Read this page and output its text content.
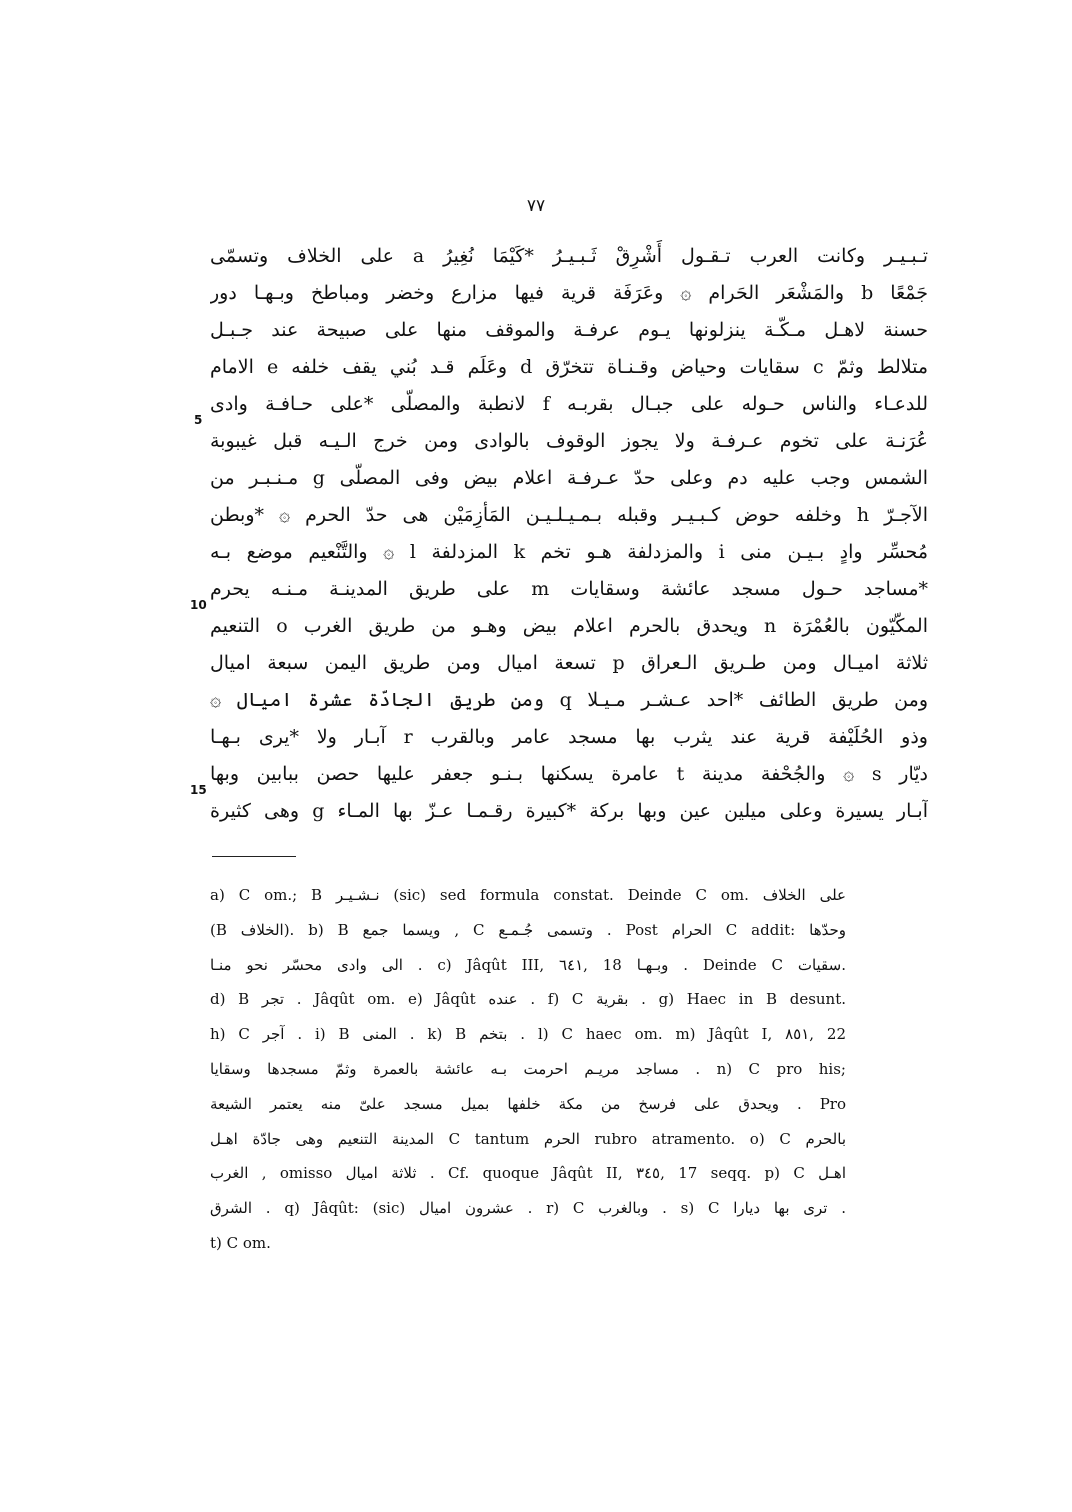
٧٧
تـبـيـر وكانت العرب تـقـول أَشْرِقْ ثَـبـيـرُ *كَيْمَا نُغِيرُ a على الخلاف وتسمّى
جَمْعًا b والمَشْعَر الحَرام ۞ وعَرَفَة قرية فيها مزارع وخضر ومباطخ وبـهـا دور
حسنة لاهـل مـكّـة ينزلونها يـوم عرفـة والموقف منها على صبيحة عند جـبـل
متلالط وثمّ c سقايات وحياض وقـنـاة تتخرّق d وعَلَم قـد بُني يقف خلفه e الامام
للدعـاء والناس حـوله على جبـال بقربـه f لانطبة والمصلّى *على حـافـة وادى
عُرَنـة على تخوم عـرفـة ولا يجوز الوقوف بالوادى ومن خرج الـيـه قبل غيبوبة
الشمس وجب عليه دم وعلى حدّ عـرفـة اعلام بيض وفى المصلّى g مـنـبـر من
الآجـرّ h وخلفه حوض كـبـيـر وقبله بـمـيـلـيـن المَأزِمَيْن هى حدّ الحرم ۞ *وبطن
مُحسِّر وادٍ بـيـن منى i والمزدلفة هـو تخم k المزدلفة l ۞ والتَّنْعيم موضع بـه
*مساجد حـول مسجد عائشة وسقايات m على طريق المدينـة مـنـه يحرم
المكّيّون بالعُمْرَة n ويحدق بالحرم اعلام بيض وهـو من طريق الغرب o التنعيم
ثلاثة اميـال ومن طـريق الـعراق p تسعة اميال ومن طريق اليمن سبعة اميال
ومن طريق الطائف *احد عـشـر مـيـلا q ومن طريق الجادّة عشرة اميال ۞
وذو الحُلَيْفة قرية عند يثرب بها مسجد عامر وبالقرب r آبـار ولا *يرى بـهـا
ديّار s ۞ والجُحْفة مدينة t عامرة يسكنها بـنـو جعفر عليها حصن ببابين وبها
آبـار يسيرة وعلى ميلين عين وبها بركة *كبيرة رقـمـا عـزّ بها المـاء g وهى كثيرة
5
10
15
a) C om.; B نـشـيـر (sic) sed formula constat. Deinde C om. على الخلاف
(B الخلاف). b) B ويسما جمع , C وتسمى جُـمـع . Post الحرام C addit: وحدّها
الى وادى محسّر نحو منـا . c) Jâqût III, ٦٤١, 18 وبـهـا . Deinde C سقيات.
d) B تجر . Jâqût om. e) Jâqût عنده . f) C بقرية . g) Haec in B desunt.
h) C آجر . i) B المنى . k) B بتخم . l) C haec om. m) Jâqût I, ٨٥١, 22
مساجد مريـم احرمت بـه عائشة بالعمرة وثمّ مسجدها وسقايا . n) C pro his;
ويحدق على فرسخ من مكة خلفها بميل مسجد علىّ منه يعتمر الشيعة . Pro
المدينة التنعيم وهى جادّة اهـل C tantum الحرم rubro atramento. o) C بالحرم
الغرب , omisso ثلاثة اميال . Cf. quoque Jâqût II, ٣٤٥, 17 seqq. p) C اهـل
الشرق . q) Jâqût: (sic) عشرون اميال . r) C وبالغرب . s) C ترى بها ديارا .
t) C om.
